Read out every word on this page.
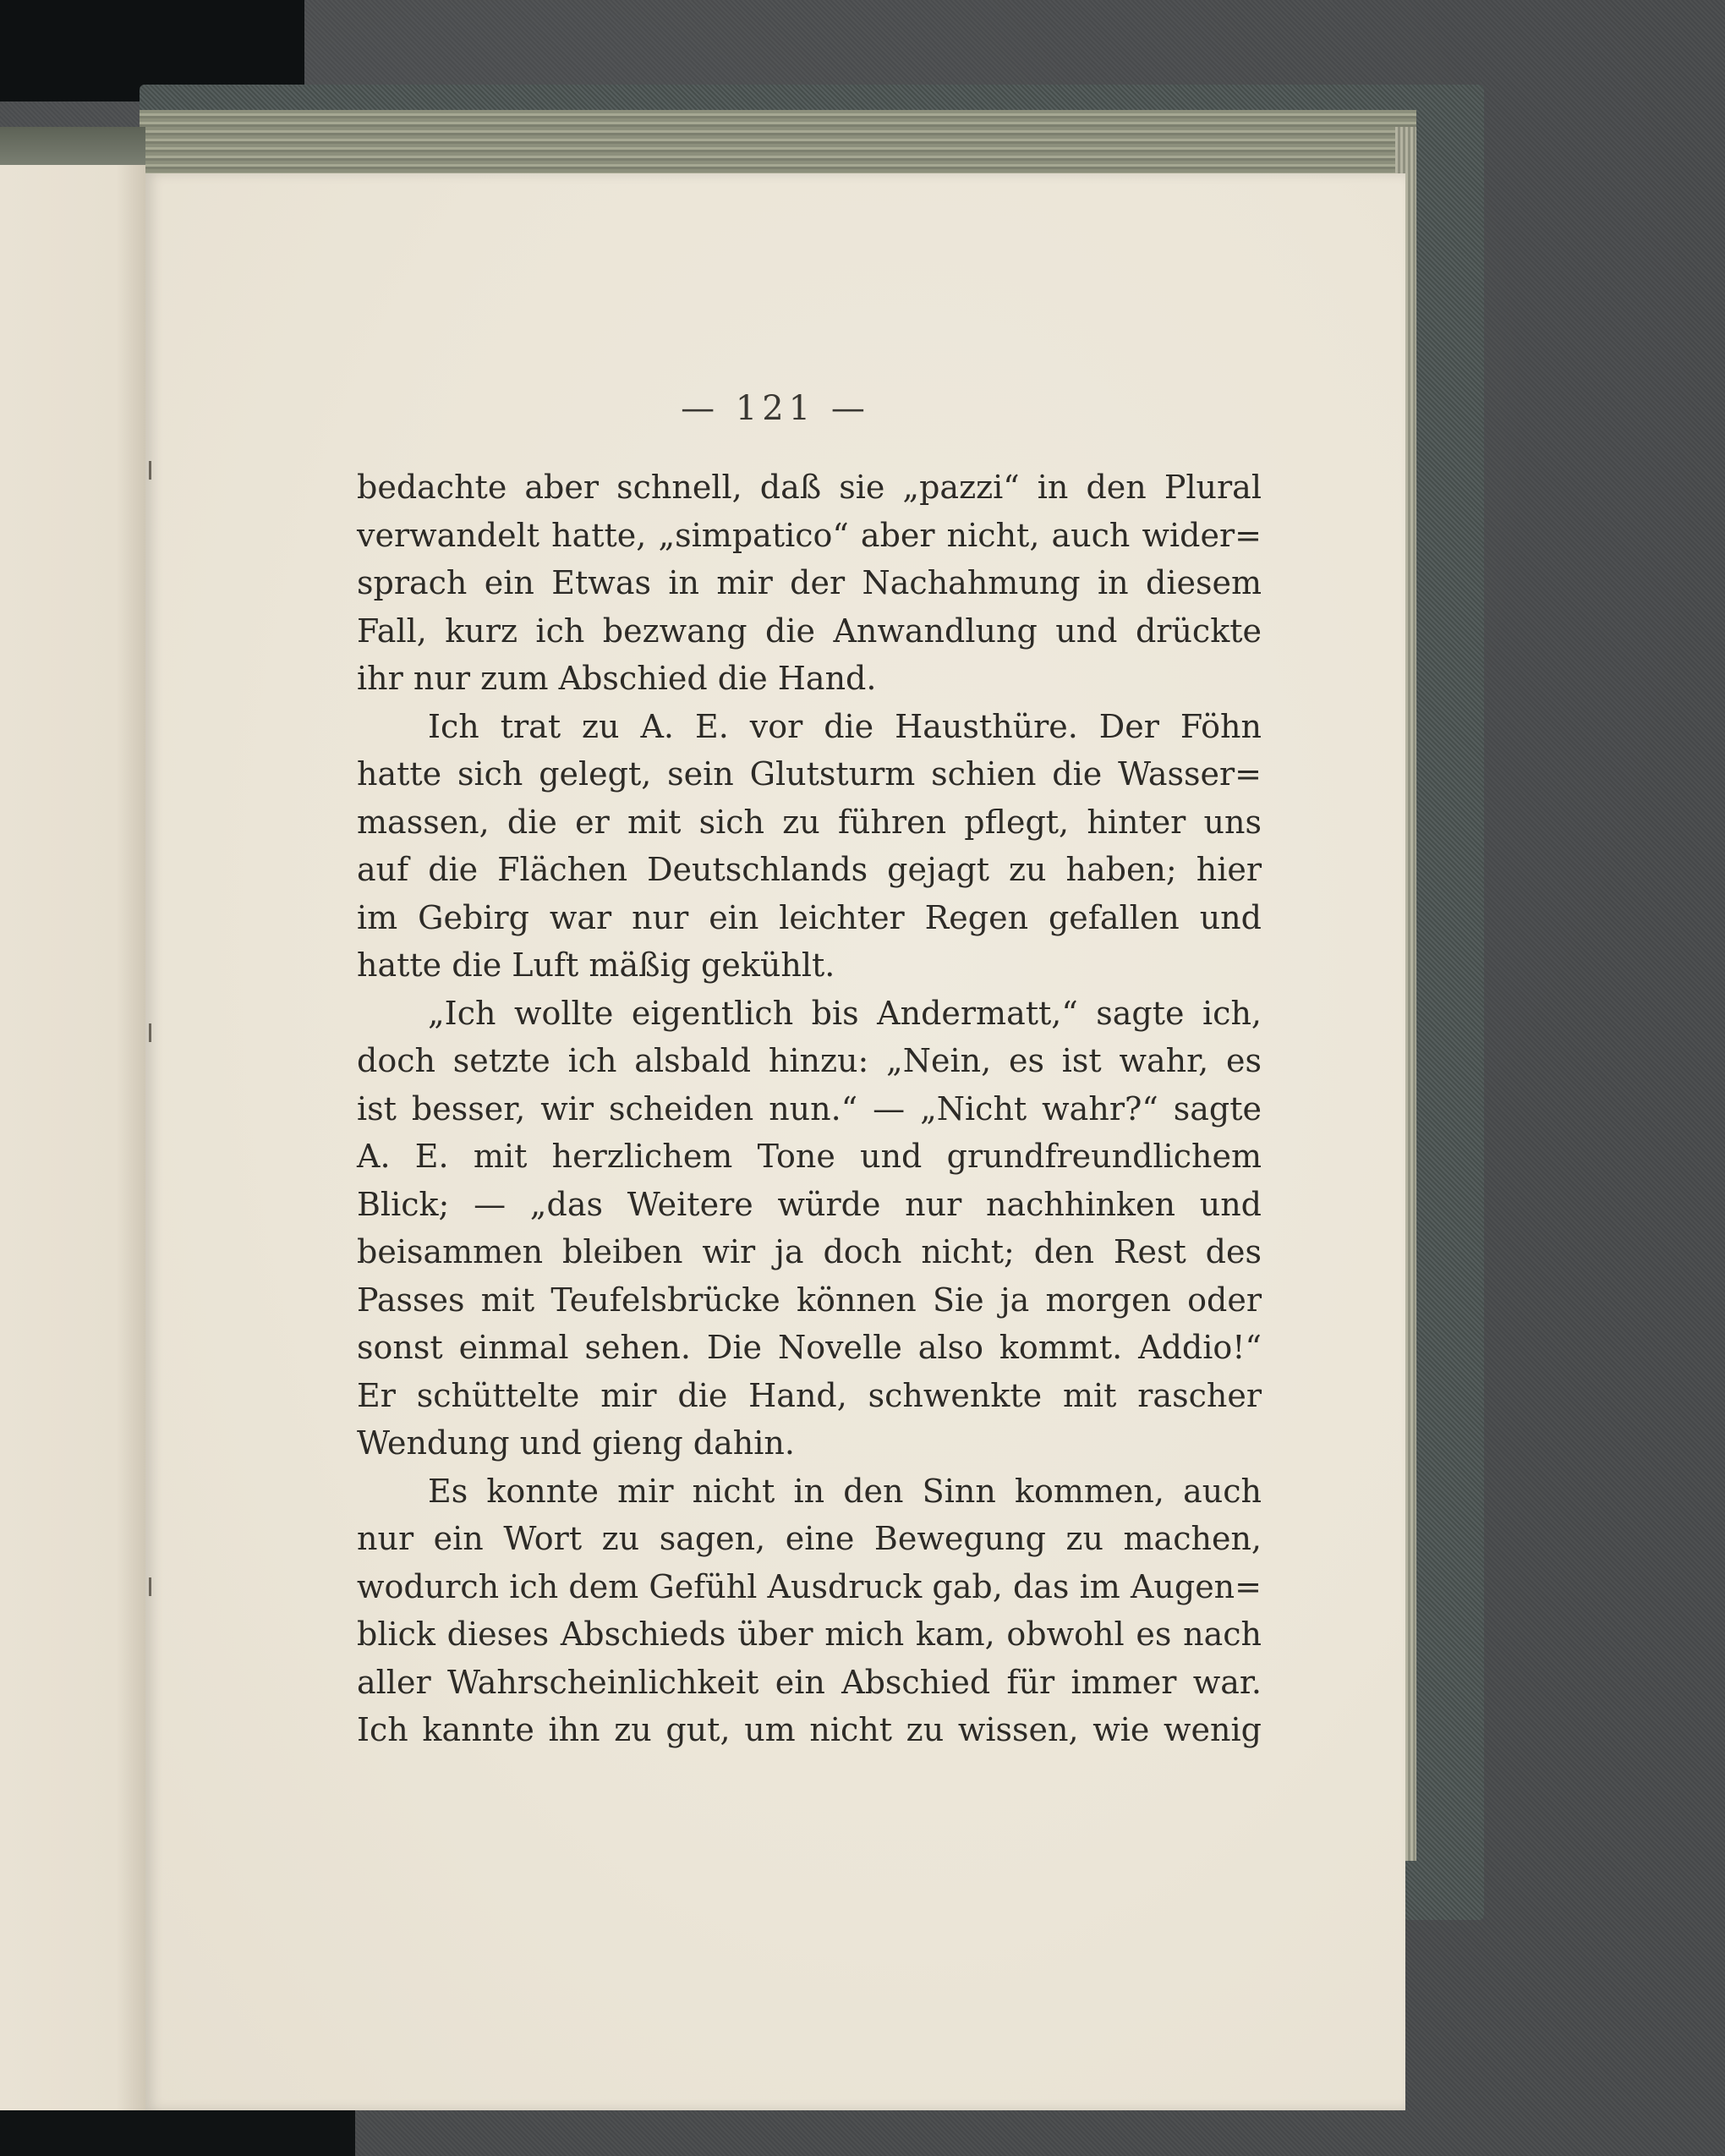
— 121 —
bedachte aber schnell, daß sie „pazzi“ in den Plural
verwandelt hatte, „simpatico“ aber nicht, auch wider=
sprach ein Etwas in mir der Nachahmung in diesem
Fall, kurz ich bezwang die Anwandlung und drückte
ihr nur zum Abschied die Hand.
Ich trat zu A. E. vor die Hausthüre. Der Föhn
hatte sich gelegt, sein Glutsturm schien die Wasser=
massen, die er mit sich zu führen pflegt, hinter uns
auf die Flächen Deutschlands gejagt zu haben; hier
im Gebirg war nur ein leichter Regen gefallen und
hatte die Luft mäßig gekühlt.
„Ich wollte eigentlich bis Andermatt,“ sagte ich,
doch setzte ich alsbald hinzu: „Nein, es ist wahr, es
ist besser, wir scheiden nun.“ — „Nicht wahr?“ sagte
A. E. mit herzlichem Tone und grundfreundlichem
Blick; — „das Weitere würde nur nachhinken und
beisammen bleiben wir ja doch nicht; den Rest des
Passes mit Teufelsbrücke können Sie ja morgen oder
sonst einmal sehen. Die Novelle also kommt. Addio!“
Er schüttelte mir die Hand, schwenkte mit rascher
Wendung und gieng dahin.
Es konnte mir nicht in den Sinn kommen, auch
nur ein Wort zu sagen, eine Bewegung zu machen,
wodurch ich dem Gefühl Ausdruck gab, das im Augen=
blick dieses Abschieds über mich kam, obwohl es nach
aller Wahrscheinlichkeit ein Abschied für immer war.
Ich kannte ihn zu gut, um nicht zu wissen, wie wenig
